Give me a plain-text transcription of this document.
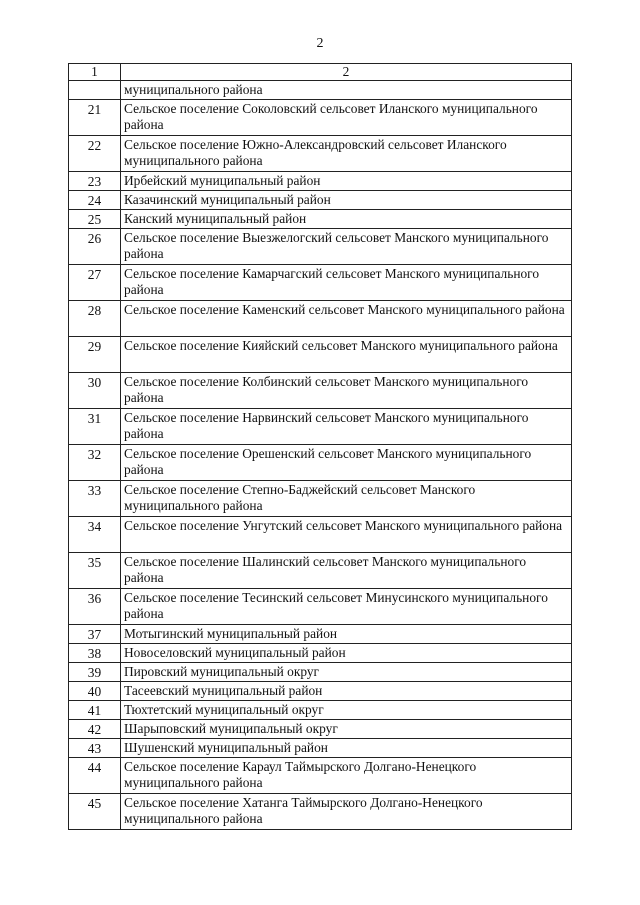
2
1	2
	муниципального района
21	Сельское поселение Соколовский сельсовет Иланского муниципального района
22	Сельское поселение Южно-Александровский сельсовет Иланского муниципального района
23	Ирбейский муниципальный район
24	Казачинский муниципальный район
25	Канский муниципальный район
26	Сельское поселение Выезжелогский сельсовет Манского муниципального района
27	Сельское поселение Камарчагский сельсовет Манского муниципального района
28	Сельское поселение Каменский сельсовет Манского муниципального района
29	Сельское поселение Кияйский сельсовет Манского муниципального района
30	Сельское поселение Колбинский сельсовет Манского муниципального района
31	Сельское поселение Нарвинский сельсовет Манского муниципального района
32	Сельское поселение Орешенский сельсовет Манского муниципального района
33	Сельское поселение Степно-Баджейский сельсовет Манского муниципального района
34	Сельское поселение Унгутский сельсовет Манского муниципального района
35	Сельское поселение Шалинский сельсовет Манского муниципального района
36	Сельское поселение Тесинский сельсовет Минусинского муниципального района
37	Мотыгинский муниципальный район
38	Новоселовский муниципальный район
39	Пировский муниципальный округ
40	Тасеевский муниципальный район
41	Тюхтетский муниципальный округ
42	Шарыповский муниципальный округ
43	Шушенский муниципальный район
44	Сельское поселение Караул Таймырского Долгано-Ненецкого муниципального района
45	Сельское поселение Хатанга Таймырского Долгано-Ненецкого муниципального района
